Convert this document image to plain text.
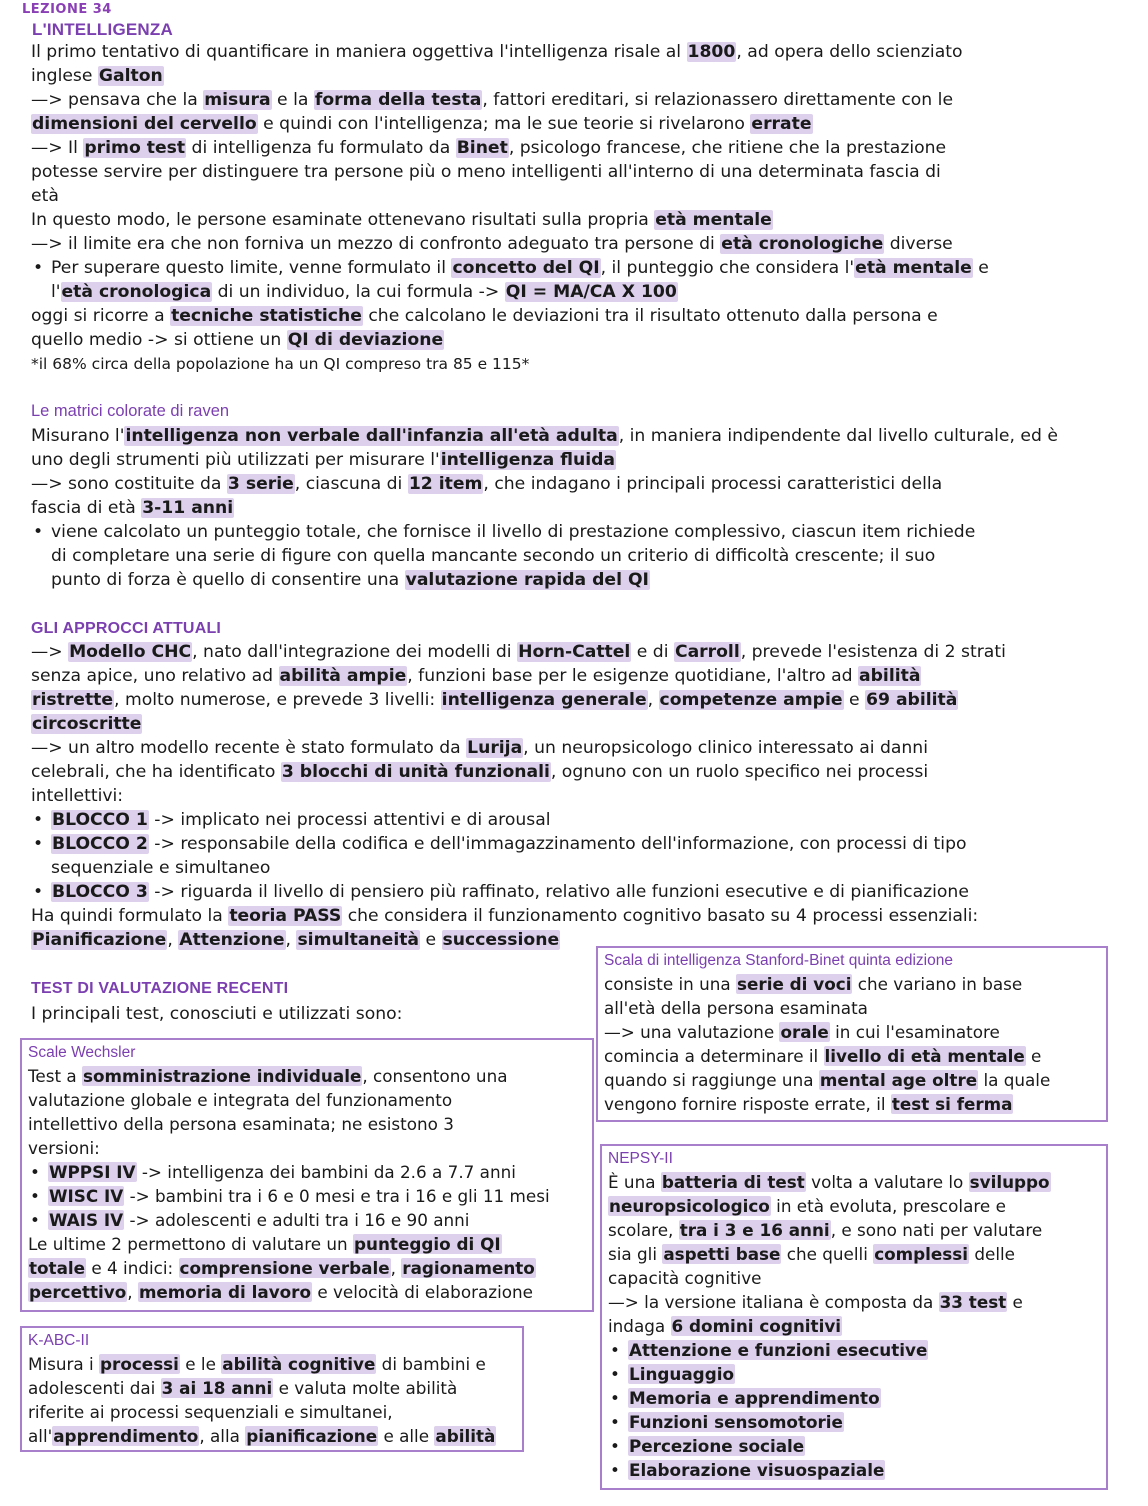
LEZIONE 34
L'INTELLIGENZA

Il primo tentativo di quantificare in maniera oggettiva l'intelligenza risale al 1800, ad opera dello scienziato

inglese Galton

—> pensava che la misura e la forma della testa, fattori ereditari, si relazionassero direttamente con le

dimensioni del cervello e quindi con l'intelligenza; ma le sue teorie si rivelarono errate

—> Il primo test di intelligenza fu formulato da Binet, psicologo francese, che ritiene che la prestazione

potesse servire per distinguere tra persone più o meno intelligenti all'interno di una determinata fascia di

età

In questo modo, le persone esaminate ottenevano risultati sulla propria età mentale

—> il limite era che non forniva un mezzo di confronto adeguato tra persone di età cronologiche diverse

• Per superare questo limite, venne formulato il concetto del QI, il punteggio che considera l'età mentale e

l'età cronologica di un individuo, la cui formula -> QI = MA/CA X 100

oggi si ricorre a tecniche statistiche che calcolano le deviazioni tra il risultato ottenuto dalla persona e

quello medio -> si ottiene un QI di deviazione

*il 68% circa della popolazione ha un QI compreso tra 85 e 115*

Le matrici colorate di raven

Misurano l'intelligenza non verbale dall'infanzia all'età adulta, in maniera indipendente dal livello culturale, ed è

uno degli strumenti più utilizzati per misurare l'intelligenza fluida

—> sono costituite da 3 serie, ciascuna di 12 item, che indagano i principali processi caratteristici della

fascia di età 3-11 anni

• viene calcolato un punteggio totale, che fornisce il livello di prestazione complessivo, ciascun item richiede

di completare una serie di figure con quella mancante secondo un criterio di difficoltà crescente; il suo

punto di forza è quello di consentire una valutazione rapida del QI

GLI APPROCCI ATTUALI

—> Modello CHC, nato dall'integrazione dei modelli di Horn-Cattel e di Carroll, prevede l'esistenza di 2 strati

senza apice, uno relativo ad abilità ampie, funzioni base per le esigenze quotidiane, l'altro ad abilità

ristrette, molto numerose, e prevede 3 livelli: intelligenza generale, competenze ampie e 69 abilità

circoscritte

—> un altro modello recente è stato formulato da Lurija, un neuropsicologo clinico interessato ai danni

celebrali, che ha identificato 3 blocchi di unità funzionali, ognuno con un ruolo specifico nei processi

intellettivi:

• BLOCCO 1 -> implicato nei processi attentivi e di arousal

• BLOCCO 2 -> responsabile della codifica e dell'immagazzinamento dell'informazione, con processi di tipo

sequenziale e simultaneo

• BLOCCO 3 -> riguarda il livello di pensiero più raffinato, relativo alle funzioni esecutive e di pianificazione

Ha quindi formulato la teoria PASS che considera il funzionamento cognitivo basato su 4 processi essenziali:

Pianificazione, Attenzione, simultaneità e successione

TEST DI VALUTAZIONE RECENTI

I principali test, conosciuti e utilizzati sono:

Scale Wechsler

Test a somministrazione individuale, consentono una

valutazione globale e integrata del funzionamento

intellettivo della persona esaminata; ne esistono 3

versioni:

• WPPSI IV -> intelligenza dei bambini da 2.6 a 7.7 anni

• WISC IV -> bambini tra i 6 e 0 mesi e tra i 16 e gli 11 mesi

• WAIS IV -> adolescenti e adulti tra i 16 e 90 anni

Le ultime 2 permettono di valutare un punteggio di QI

totale e 4 indici: comprensione verbale, ragionamento

percettivo, memoria di lavoro e velocità di elaborazione

K-ABC-II

Misura i processi e le abilità cognitive di bambini e

adolescenti dai 3 ai 18 anni e valuta molte abilità

riferite ai processi sequenziali e simultanei,

all'apprendimento, alla pianificazione e alle abilità

Scala di intelligenza Stanford-Binet quinta edizione

consiste in una serie di voci che variano in base

all'età della persona esaminata

—> una valutazione orale in cui l'esaminatore

comincia a determinare il livello di età mentale e

quando si raggiunge una mental age oltre la quale

vengono fornire risposte errate, il test si ferma

NEPSY-II

È una batteria di test volta a valutare lo sviluppo

neuropsicologico in età evoluta, prescolare e

scolare, tra i 3 e 16 anni, e sono nati per valutare

sia gli aspetti base che quelli complessi delle

capacità cognitive

—> la versione italiana è composta da 33 test e

indaga 6 domini cognitivi

• Attenzione e funzioni esecutive

• Linguaggio

• Memoria e apprendimento

• Funzioni sensomotorie

• Percezione sociale

• Elaborazione visuospaziale
